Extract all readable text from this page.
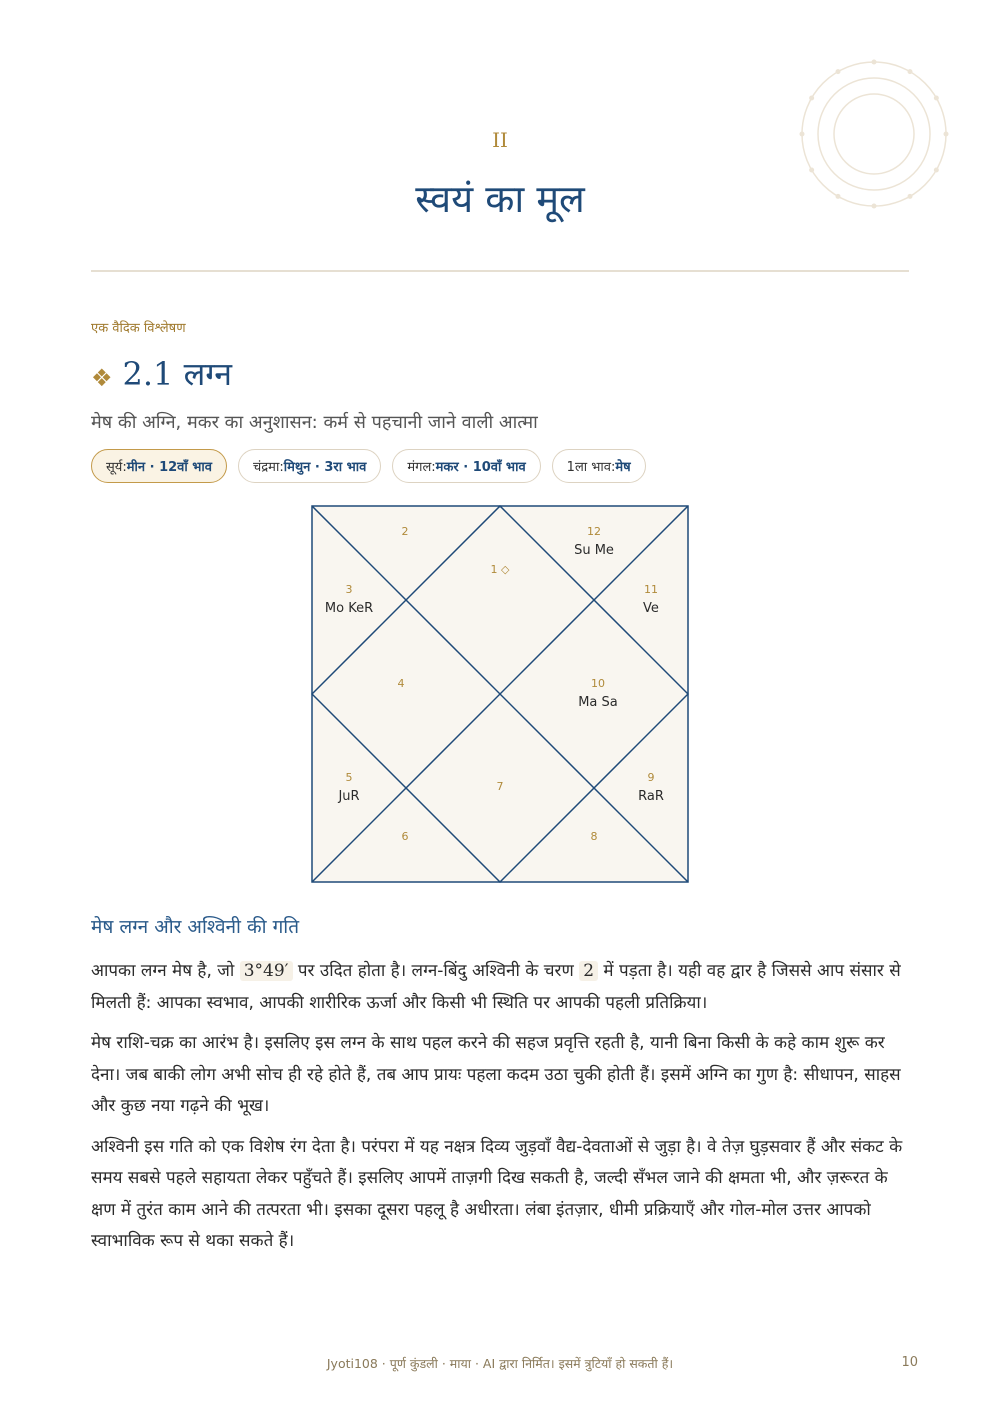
II
स्वयं का मूल
एक वैदिक विश्लेषण
❖ 2.1 लग्न
मेष की अग्नि, मकर का अनुशासन: कर्म से पहचानी जाने वाली आत्मा
सूर्य: मीन · 12वाँ भाव	चंद्रमा: मिथुन · 3रा भाव	मंगल: मकर · 10वाँ भाव	1ला भाव: मेष
1 ◇
2
3
Mo KeR
4
5
JuR
6
7
8
9
RaR
10
Ma Sa
11
Ve
12
Su Me
मेष लग्न और अश्विनी की गति

आपका लग्न मेष है, जो 3°49′ पर उदित होता है। लग्न-बिंदु अश्विनी के चरण 2 में पड़ता है। यही वह द्वार है जिससे आप संसार से मिलती हैं: आपका स्वभाव, आपकी शारीरिक ऊर्जा और किसी भी स्थिति पर आपकी पहली प्रतिक्रिया।

मेष राशि-चक्र का आरंभ है। इसलिए इस लग्न के साथ पहल करने की सहज प्रवृत्ति रहती है, यानी बिना किसी के कहे काम शुरू कर देना। जब बाकी लोग अभी सोच ही रहे होते हैं, तब आप प्रायः पहला कदम उठा चुकी होती हैं। इसमें अग्नि का गुण है: सीधापन, साहस और कुछ नया गढ़ने की भूख।

अश्विनी इस गति को एक विशेष रंग देता है। परंपरा में यह नक्षत्र दिव्य जुड़वाँ वैद्य-देवताओं से जुड़ा है। वे तेज़ घुड़सवार हैं और संकट के समय सबसे पहले सहायता लेकर पहुँचते हैं। इसलिए आपमें ताज़गी दिख सकती है, जल्दी सँभल जाने की क्षमता भी, और ज़रूरत के क्षण में तुरंत काम आने की तत्परता भी। इसका दूसरा पहलू है अधीरता। लंबा इंतज़ार, धीमी प्रक्रियाएँ और गोल-मोल उत्तर आपको स्वाभाविक रूप से थका सकते हैं।

Jyoti108 · पूर्ण कुंडली · माया · AI द्वारा निर्मित। इसमें त्रुटियाँ हो सकती हैं।	10
